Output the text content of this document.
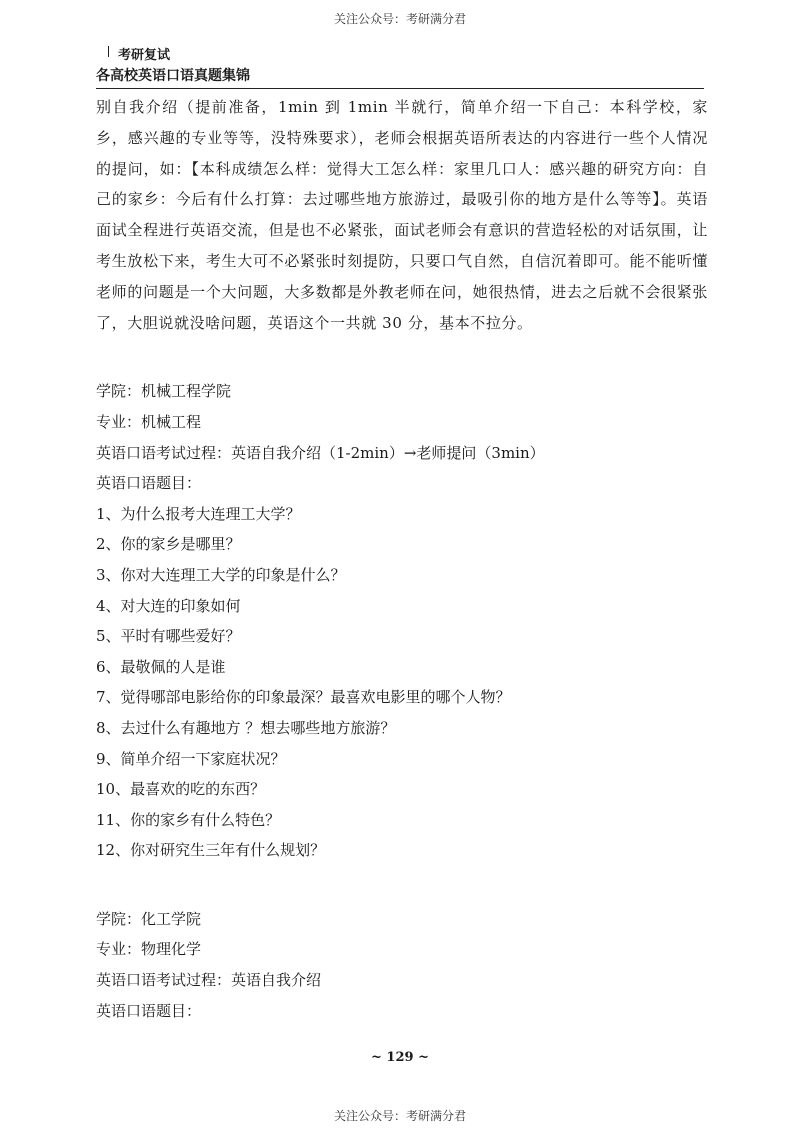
关注公众号：考研满分君
考研复试
各高校英语口语真题集锦

别自我介绍（提前准备，1min 到 1min 半就行，简单介绍一下自己：本科学校，家乡，感兴趣的专业等等，没特殊要求），老师会根据英语所表达的内容进行一些个人情况的提问，如：【本科成绩怎么样：觉得大工怎么样：家里几口人：感兴趣的研究方向：自己的家乡：今后有什么打算：去过哪些地方旅游过，最吸引你的地方是什么等等】。英语面试全程进行英语交流，但是也不必紧张，面试老师会有意识的营造轻松的对话氛围，让考生放松下来，考生大可不必紧张时刻提防，只要口气自然，自信沉着即可。能不能听懂老师的问题是一个大问题，大多数都是外教老师在问，她很热情，进去之后就不会很紧张了，大胆说就没啥问题，英语这个一共就 30 分，基本不拉分。

学院：机械工程学院

专业：机械工程

英语口语考试过程：英语自我介绍（1-2min）→老师提问（3min）

英语口语题目：

1、为什么报考大连理工大学？

2、你的家乡是哪里？

3、你对大连理工大学的印象是什么？

4、对大连的印象如何

5、平时有哪些爱好？

6、最敬佩的人是谁

7、觉得哪部电影给你的印象最深？最喜欢电影里的哪个人物？

8、去过什么有趣地方 ？想去哪些地方旅游？

9、简单介绍一下家庭状况？

10、最喜欢的吃的东西？

11、你的家乡有什么特色？

12、你对研究生三年有什么规划？

学院：化工学院

专业：物理化学

英语口语考试过程：英语自我介绍

英语口语题目：

~ 129 ~
关注公众号：考研满分君
